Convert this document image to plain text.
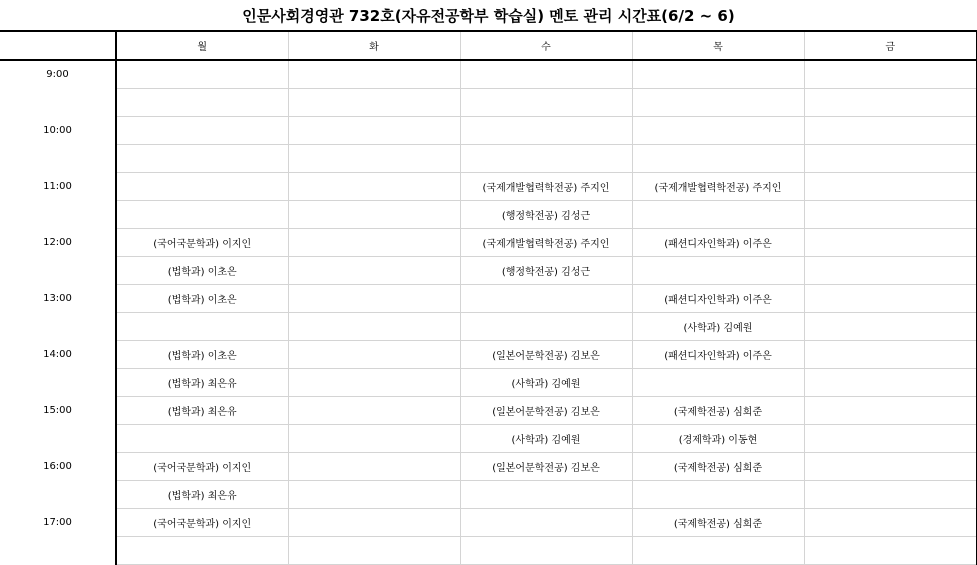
인문사회경영관 732호(자유전공학부 학습실) 멘토 관리 시간표(6/2 ~ 6)
	월	화	수	목	금
9:00					

10:00					

11:00			(국제개발협력학전공) 주지인	(국제개발협력학전공) 주지인	
			(행정학전공) 김성근		
12:00	(국어국문학과) 이지인		(국제개발협력학전공) 주지인	(패션디자인학과) 이주은	
	(법학과) 이초은		(행정학전공) 김성근		
13:00	(법학과) 이초은			(패션디자인학과) 이주은	
				(사학과) 김예원	
14:00	(법학과) 이초은		(일본어문학전공) 김보은	(패션디자인학과) 이주은	
	(법학과) 최은유		(사학과) 김예원		
15:00	(법학과) 최은유		(일본어문학전공) 김보은	(국제학전공) 심희준	
			(사학과) 김예원	(경제학과) 이동현	
16:00	(국어국문학과) 이지인		(일본어문학전공) 김보은	(국제학전공) 심희준	
	(법학과) 최은유				
17:00	(국어국문학과) 이지인			(국제학전공) 심희준	
